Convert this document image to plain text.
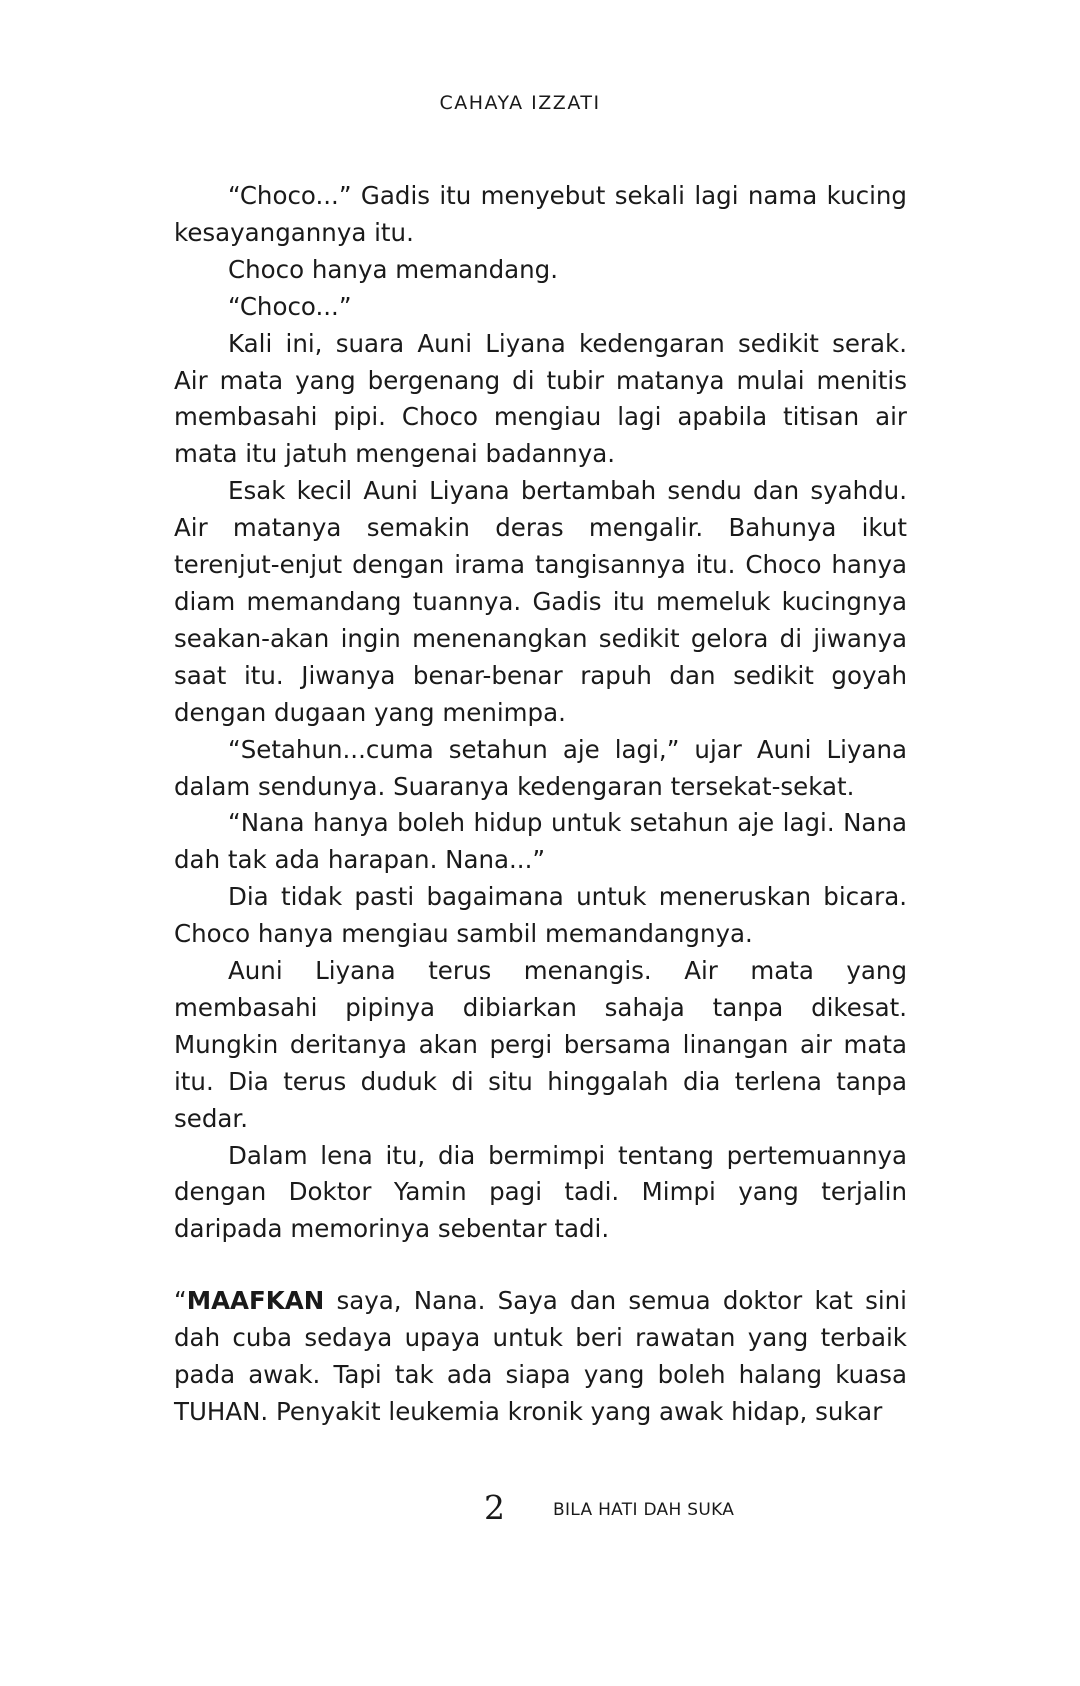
CAHAYA IZZATI

“Choco...” Gadis itu menyebut sekali lagi nama kucing kesayangannya itu.

Choco hanya memandang.

“Choco...”

Kali ini, suara Auni Liyana kedengaran sedikit serak. Air mata yang bergenang di tubir matanya mulai menitis membasahi pipi. Choco mengiau lagi apabila titisan air mata itu jatuh mengenai badannya.

Esak kecil Auni Liyana bertambah sendu dan syahdu. Air matanya semakin deras mengalir. Bahunya ikut terenjut-enjut dengan irama tangisannya itu. Choco hanya diam memandang tuannya. Gadis itu memeluk kucingnya seakan-akan ingin menenangkan sedikit gelora di jiwanya saat itu. Jiwanya benar-benar rapuh dan sedikit goyah dengan dugaan yang menimpa.

“Setahun...cuma setahun aje lagi,” ujar Auni Liyana dalam sendunya. Suaranya kedengaran tersekat-sekat.

“Nana hanya boleh hidup untuk setahun aje lagi. Nana dah tak ada harapan. Nana...”

Dia tidak pasti bagaimana untuk meneruskan bicara. Choco hanya mengiau sambil memandangnya.

Auni Liyana terus menangis. Air mata yang membasahi pipinya dibiarkan sahaja tanpa dikesat. Mungkin deritanya akan pergi bersama linangan air mata itu. Dia terus duduk di situ hinggalah dia terlena tanpa sedar.

Dalam lena itu, dia bermimpi tentang pertemuannya dengan Doktor Yamin pagi tadi. Mimpi yang terjalin daripada memorinya sebentar tadi.

“MAAFKAN saya, Nana. Saya dan semua doktor kat sini dah cuba sedaya upaya untuk beri rawatan yang terbaik pada awak. Tapi tak ada siapa yang boleh halang kuasa TUHAN. Penyakit leukemia kronik yang awak hidap, sukar

2	BILA HATI DAH SUKA
